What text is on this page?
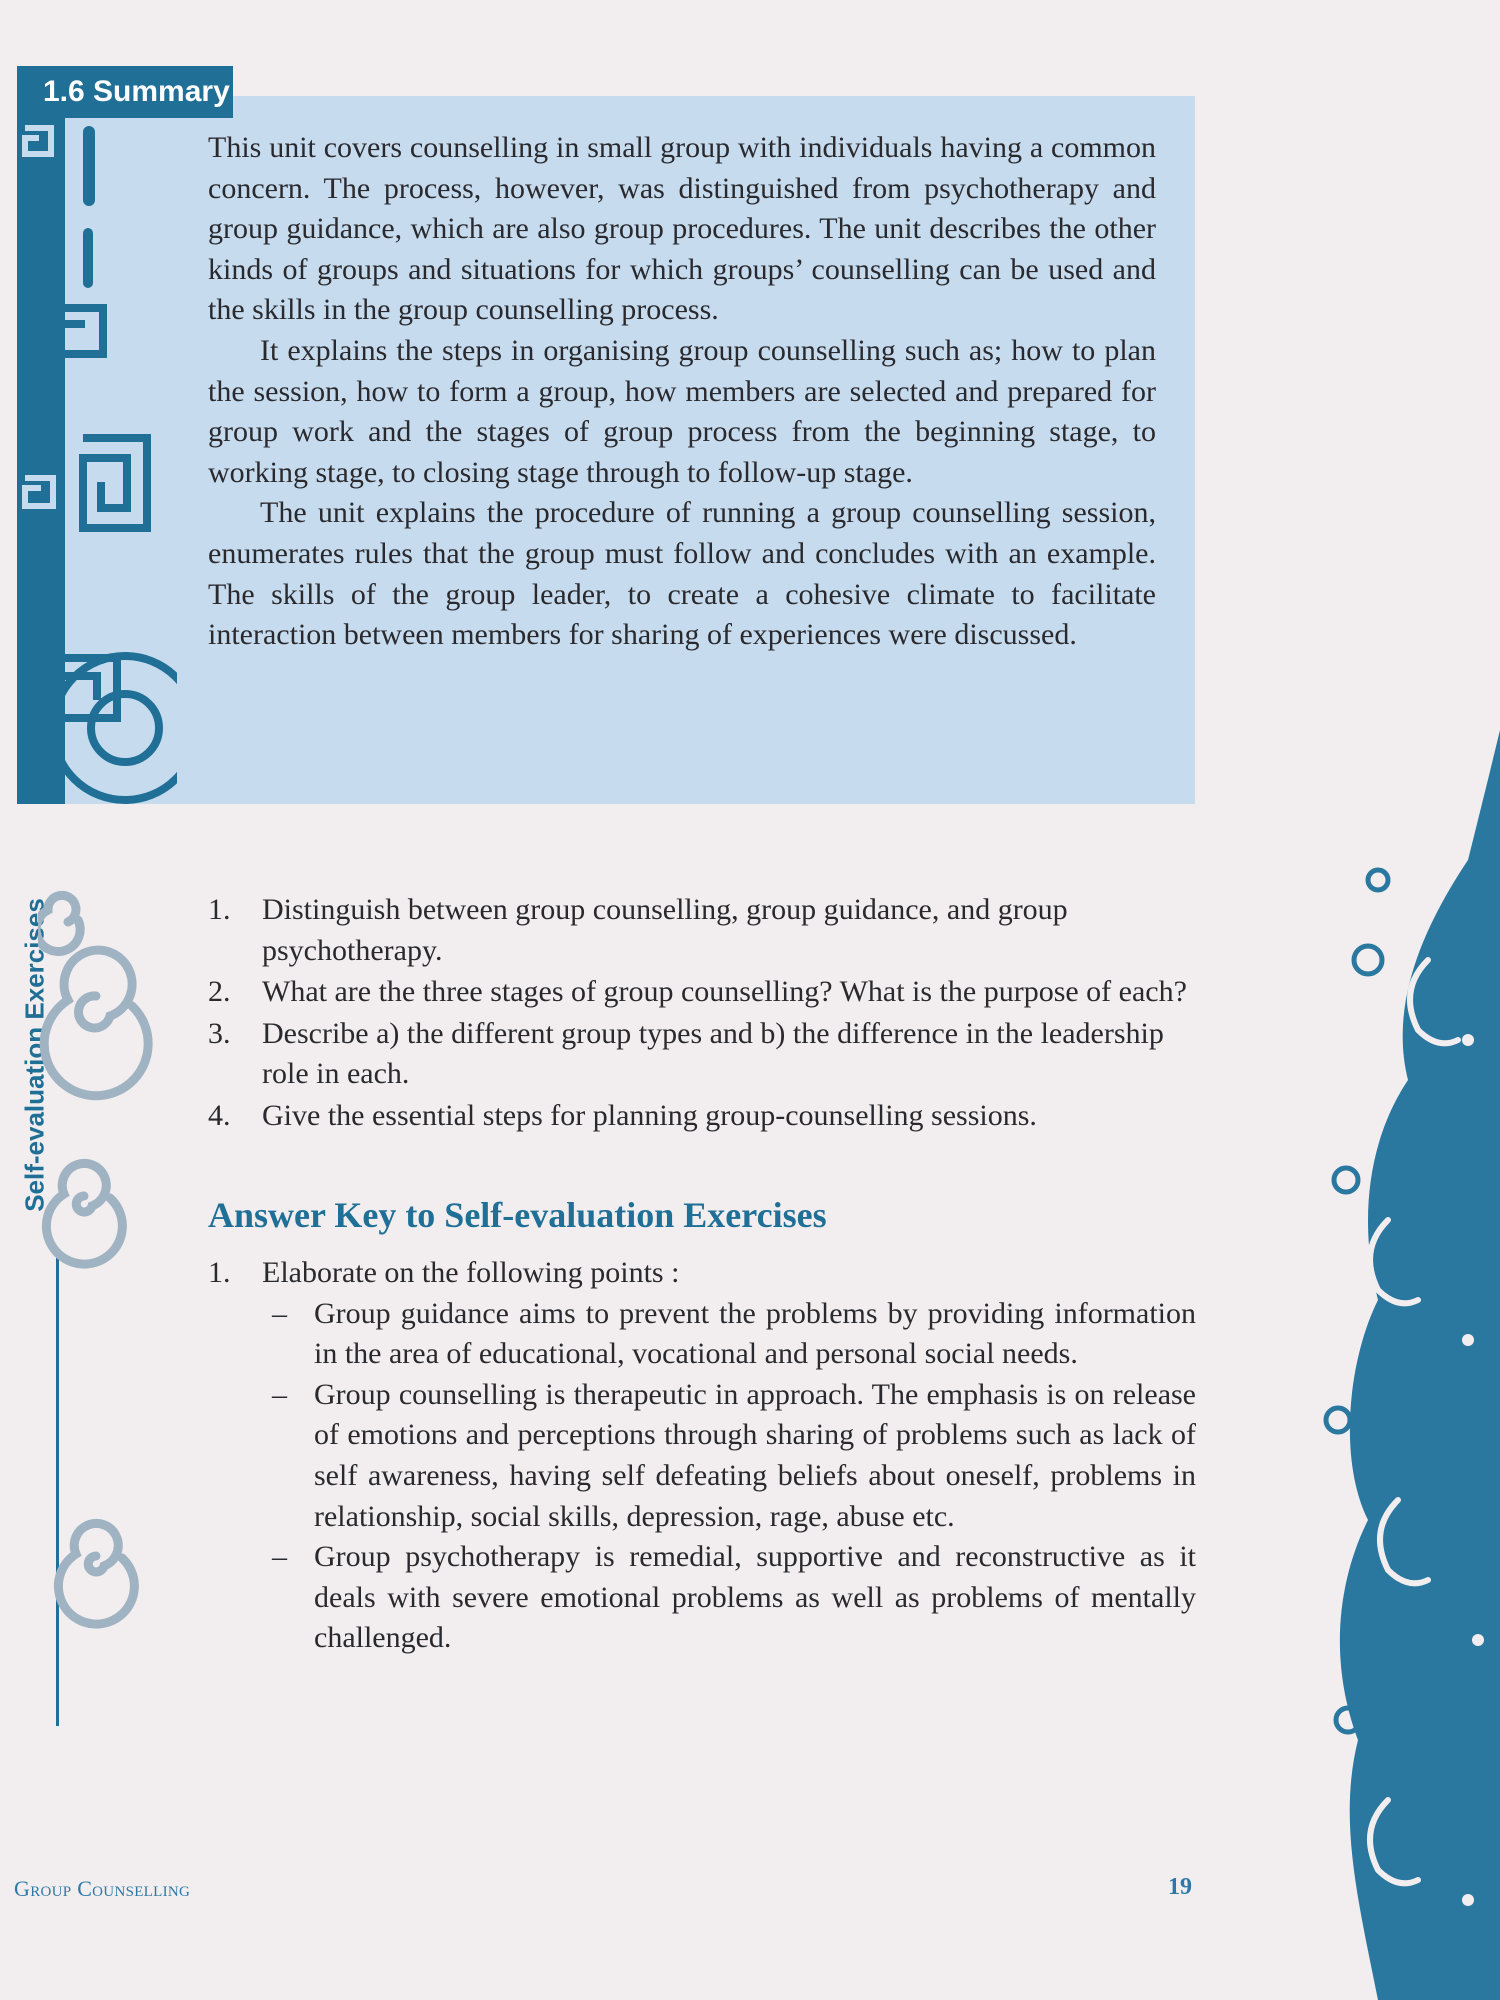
1.6 Summary

This unit covers counselling in small group with individuals having a common concern. The process, however, was distinguished from psychotherapy and group guidance, which are also group procedures. The unit describes the other kinds of groups and situations for which groups’ counselling can be used and the skills in the group counselling process.

It explains the steps in organising group counselling such as; how to plan the session, how to form a group, how members are selected and prepared for group work and the stages of group process from the beginning stage, to working stage, to closing stage through to follow-up stage.

The unit explains the procedure of running a group counselling session, enumerates rules that the group must follow and concludes with an example. The skills of the group leader, to create a cohesive climate to facilitate interaction between members for sharing of experiences were discussed.

Self-evaluation Exercises	1. Distinguish between group counselling, group guidance, and group psychotherapy.
2. What are the three stages of group counselling? What is the purpose of each?
3. Describe a) the different group types and b) the difference in the leadership role in each.
4. Give the essential steps for planning group-counselling sessions.
Answer Key to Self-evaluation Exercises
1. Elaborate on the following points :
– Group guidance aims to prevent the problems by providing information in the area of educational, vocational and personal social needs.
– Group counselling is therapeutic in approach. The emphasis is on release of emotions and perceptions through sharing of problems such as lack of self awareness, having self defeating beliefs about oneself, problems in relationship, social skills, depression, rage, abuse etc.
– Group psychotherapy is remedial, supportive and reconstructive as it deals with severe emotional problems as well as problems of mentally challenged.
Group Counselling	19
